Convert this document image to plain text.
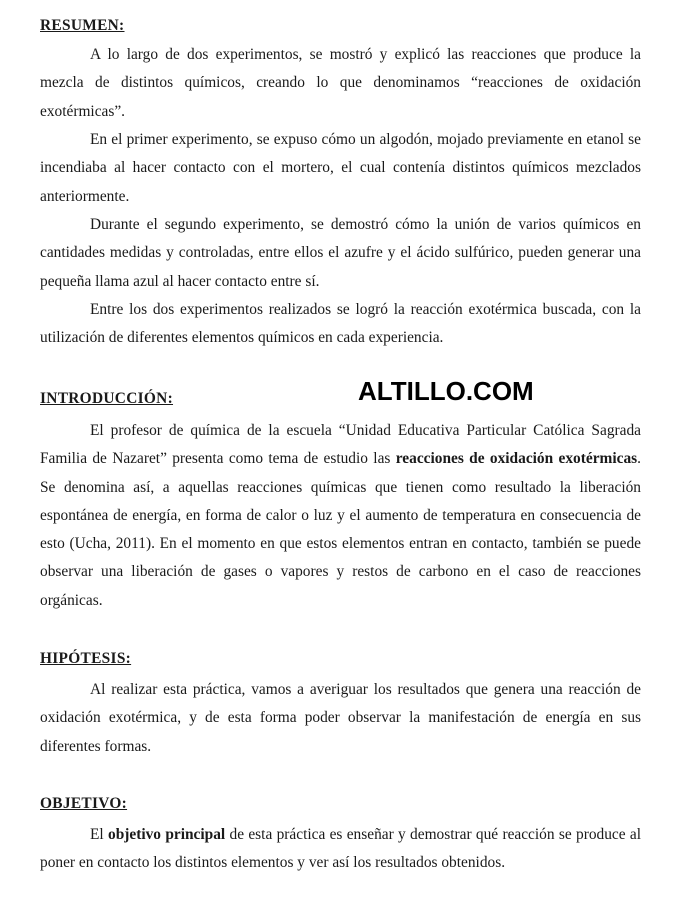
RESUMEN:

A lo largo de dos experimentos, se mostró y explicó las reacciones que produce la mezcla de distintos químicos, creando lo que denominamos “reacciones de oxidación exotérmicas”.

En el primer experimento, se expuso cómo un algodón, mojado previamente en etanol se incendiaba al hacer contacto con el mortero, el cual contenía distintos químicos mezclados anteriormente.

Durante el segundo experimento, se demostró cómo la unión de varios químicos en cantidades medidas y controladas, entre ellos el azufre y el ácido sulfúrico, pueden generar una pequeña llama azul al hacer contacto entre sí.

Entre los dos experimentos realizados se logró la reacción exotérmica buscada, con la utilización de diferentes elementos químicos en cada experiencia.

INTRODUCCIÓN:	ALTILLO.COM

El profesor de química de la escuela “Unidad Educativa Particular Católica Sagrada Familia de Nazaret” presenta como tema de estudio las reacciones de oxidación exotérmicas. Se denomina así, a aquellas reacciones químicas que tienen como resultado la liberación espontánea de energía, en forma de calor o luz y el aumento de temperatura en consecuencia de esto (Ucha, 2011). En el momento en que estos elementos entran en contacto, también se puede observar una liberación de gases o vapores y restos de carbono en el caso de reacciones orgánicas.

HIPÓTESIS:

Al realizar esta práctica, vamos a averiguar los resultados que genera una reacción de oxidación exotérmica, y de esta forma poder observar la manifestación de energía en sus diferentes formas.

OBJETIVO:

El objetivo principal de esta práctica es enseñar y demostrar qué reacción se produce al poner en contacto los distintos elementos y ver así los resultados obtenidos.
